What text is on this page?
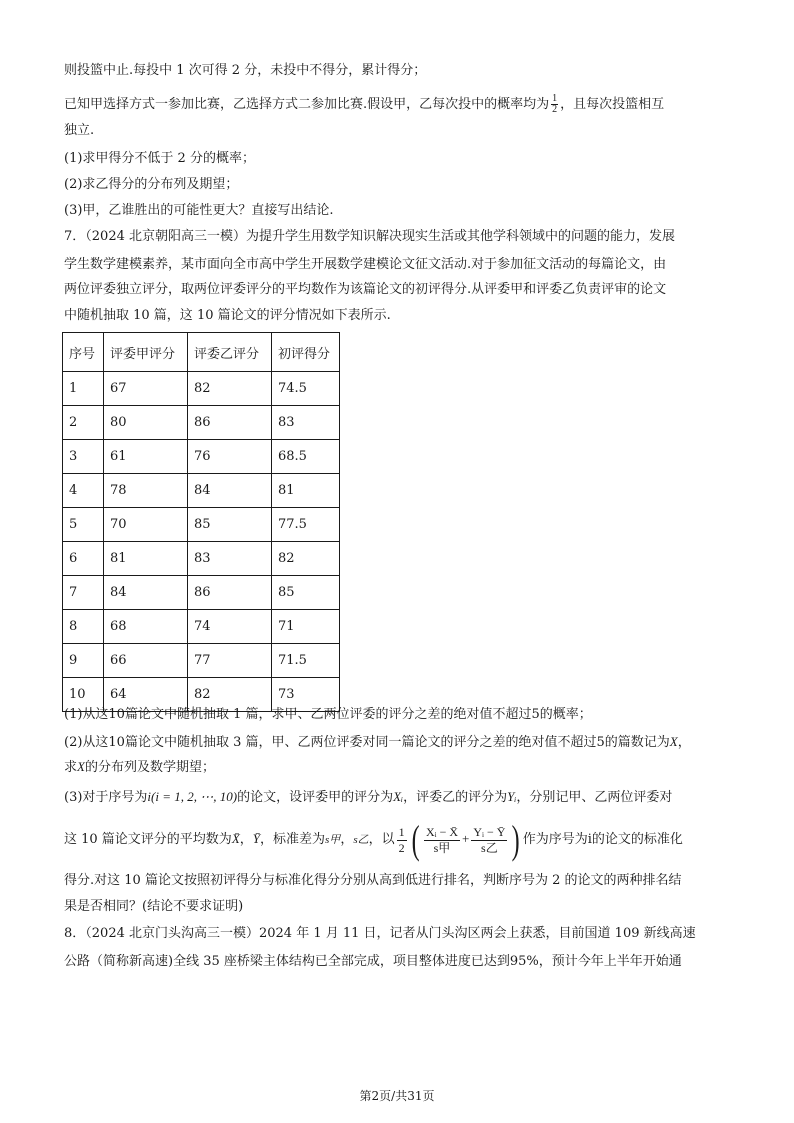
则投篮中止.每投中 1 次可得 2 分，未投中不得分，累计得分；
已知甲选择方式一参加比赛，乙选择方式二参加比赛.假设甲，乙每次投中的概率均为 $\frac{1}{2}$ ，且每次投篮相互
独立.
(1)求甲得分不低于 2 分的概率；
(2)求乙得分的分布列及期望；
(3)甲，乙谁胜出的可能性更大？直接写出结论.
7．（2024 北京朝阳高三一模）为提升学生用数学知识解决现实生活或其他学科领域中的问题的能力，发展
学生数学建模素养，某市面向全市高中学生开展数学建模论文征文活动.对于参加征文活动的每篇论文，由
两位评委独立评分，取两位评委评分的平均数作为该篇论文的初评得分.从评委甲和评委乙负责评审的论文
中随机抽取 10 篇，这 10 篇论文的评分情况如下表所示.
序号	评委甲评分	评委乙评分	初评得分
1	67	82	74.5
2	80	86	83
3	61	76	68.5
4	78	84	81
5	70	85	77.5
6	81	83	82
7	84	86	85
8	68	74	71
9	66	77	71.5
10	64	82	73
(1)从这10篇论文中随机抽取 1 篇，求甲、乙两位评委的评分之差的绝对值不超过5的概率；
(2)从这10篇论文中随机抽取 3 篇，甲、乙两位评委对同一篇论文的评分之差的绝对值不超过5的篇数记为X，
求X的分布列及数学期望；
(3)对于序号为i(i = 1, 2, ⋯, 10)的论文，设评委甲的评分为Xᵢ，评委乙的评分为Yᵢ，分别记甲、乙两位评委对
这 10 篇论文评分的平均数为X̄，Ȳ，标准差为s甲，s乙，以 $\frac{1}{2}$ ( $\frac{\text{Xᵢ − X̄}}{\text{s甲}} + \frac{\text{Yᵢ − Ȳ}}{\text{s乙}}$ ) 作为序号为i的论文的标准化
得分.对这 10 篇论文按照初评得分与标准化得分分别从高到低进行排名，判断序号为 2 的论文的两种排名结
果是否相同？(结论不要求证明)
8．（2024 北京门头沟高三一模）2024 年 1 月 11 日，记者从门头沟区两会上获悉，目前国道 109 新线高速
公路（简称新高速)全线 35 座桥梁主体结构已全部完成，项目整体进度已达到95%，预计今年上半年开始通
第2页/共31页
